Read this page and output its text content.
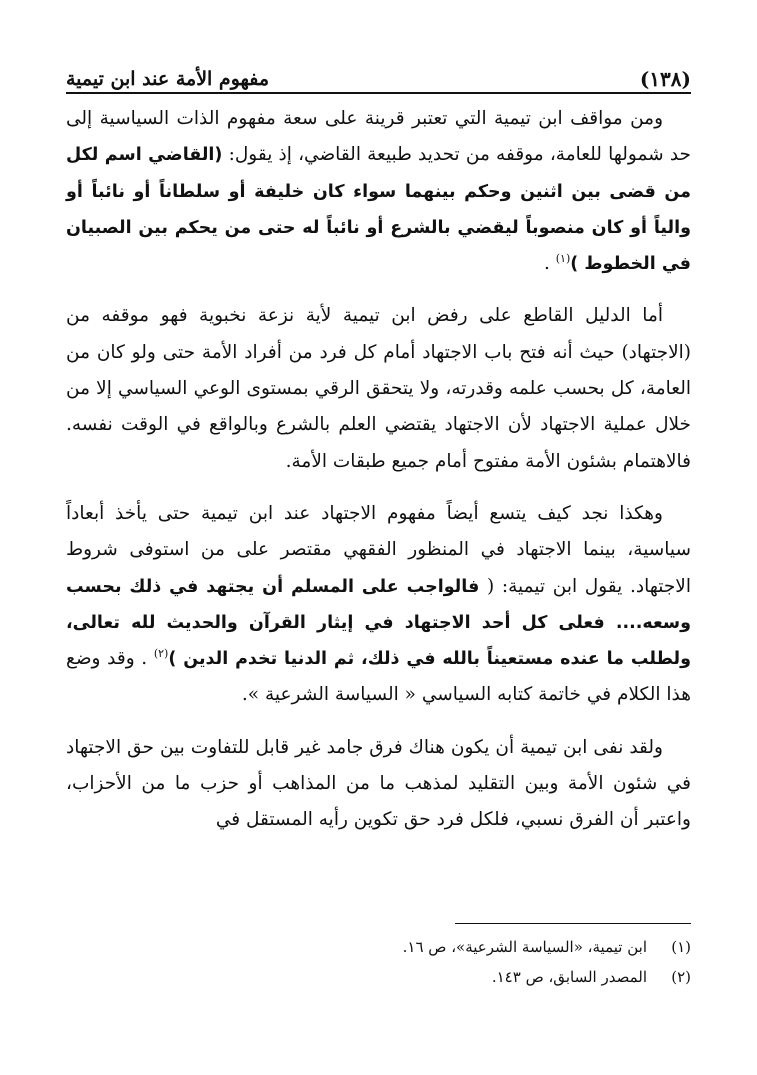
(١٣٨)
مفهوم الأمة عند ابن تيمية

ومن مواقف ابن تيمية التي تعتبر قرينة على سعة مفهوم الذات السياسية إلى حد شمولها للعامة، موقفه من تحديد طبيعة القاضي، إذ يقول: (القاضي اسم لكل من قضى بين اثنين وحكم بينهما سواء كان خليفة أو سلطاناً أو نائباً أو والياً أو كان منصوباً ليقضي بالشرع أو نائباً له حتى من يحكم بين الصبيان في الخطوط )$^{(١)}$ .

أما الدليل القاطع على رفض ابن تيمية لأية نزعة نخبوية فهو موقفه من (الاجتهاد) حيث أنه فتح باب الاجتهاد أمام كل فرد من أفراد الأمة حتى ولو كان من العامة، كل بحسب علمه وقدرته، ولا يتحقق الرقي بمستوى الوعي السياسي إلا من خلال عملية الاجتهاد لأن الاجتهاد يقتضي العلم بالشرع وبالواقع في الوقت نفسه. فالاهتمام بشئون الأمة مفتوح أمام جميع طبقات الأمة.

وهكذا نجد كيف يتسع أيضاً مفهوم الاجتهاد عند ابن تيمية حتى يأخذ أبعاداً سياسية، بينما الاجتهاد في المنظور الفقهي مقتصر على من استوفى شروط الاجتهاد. يقول ابن تيمية: ( فالواجب على المسلم أن يجتهد في ذلك بحسب وسعه.... فعلى كل أحد الاجتهاد في إيثار القرآن والحديث لله تعالى، ولطلب ما عنده مستعيناً بالله في ذلك، ثم الدنيا تخدم الدين )$^{(٢)}$ . وقد وضع هذا الكلام في خاتمة كتابه السياسي « السياسة الشرعية ».

ولقد نفى ابن تيمية أن يكون هناك فرق جامد غير قابل للتفاوت بين حق الاجتهاد في شئون الأمة وبين التقليد لمذهب ما من المذاهب أو حزب ما من الأحزاب، واعتبر أن الفرق نسبي، فلكل فرد حق تكوين رأيه المستقل في

(١)
ابن تيمية، «السياسة الشرعية»، ص ١٦.
(٢)
المصدر السابق، ص ١٤٣.
